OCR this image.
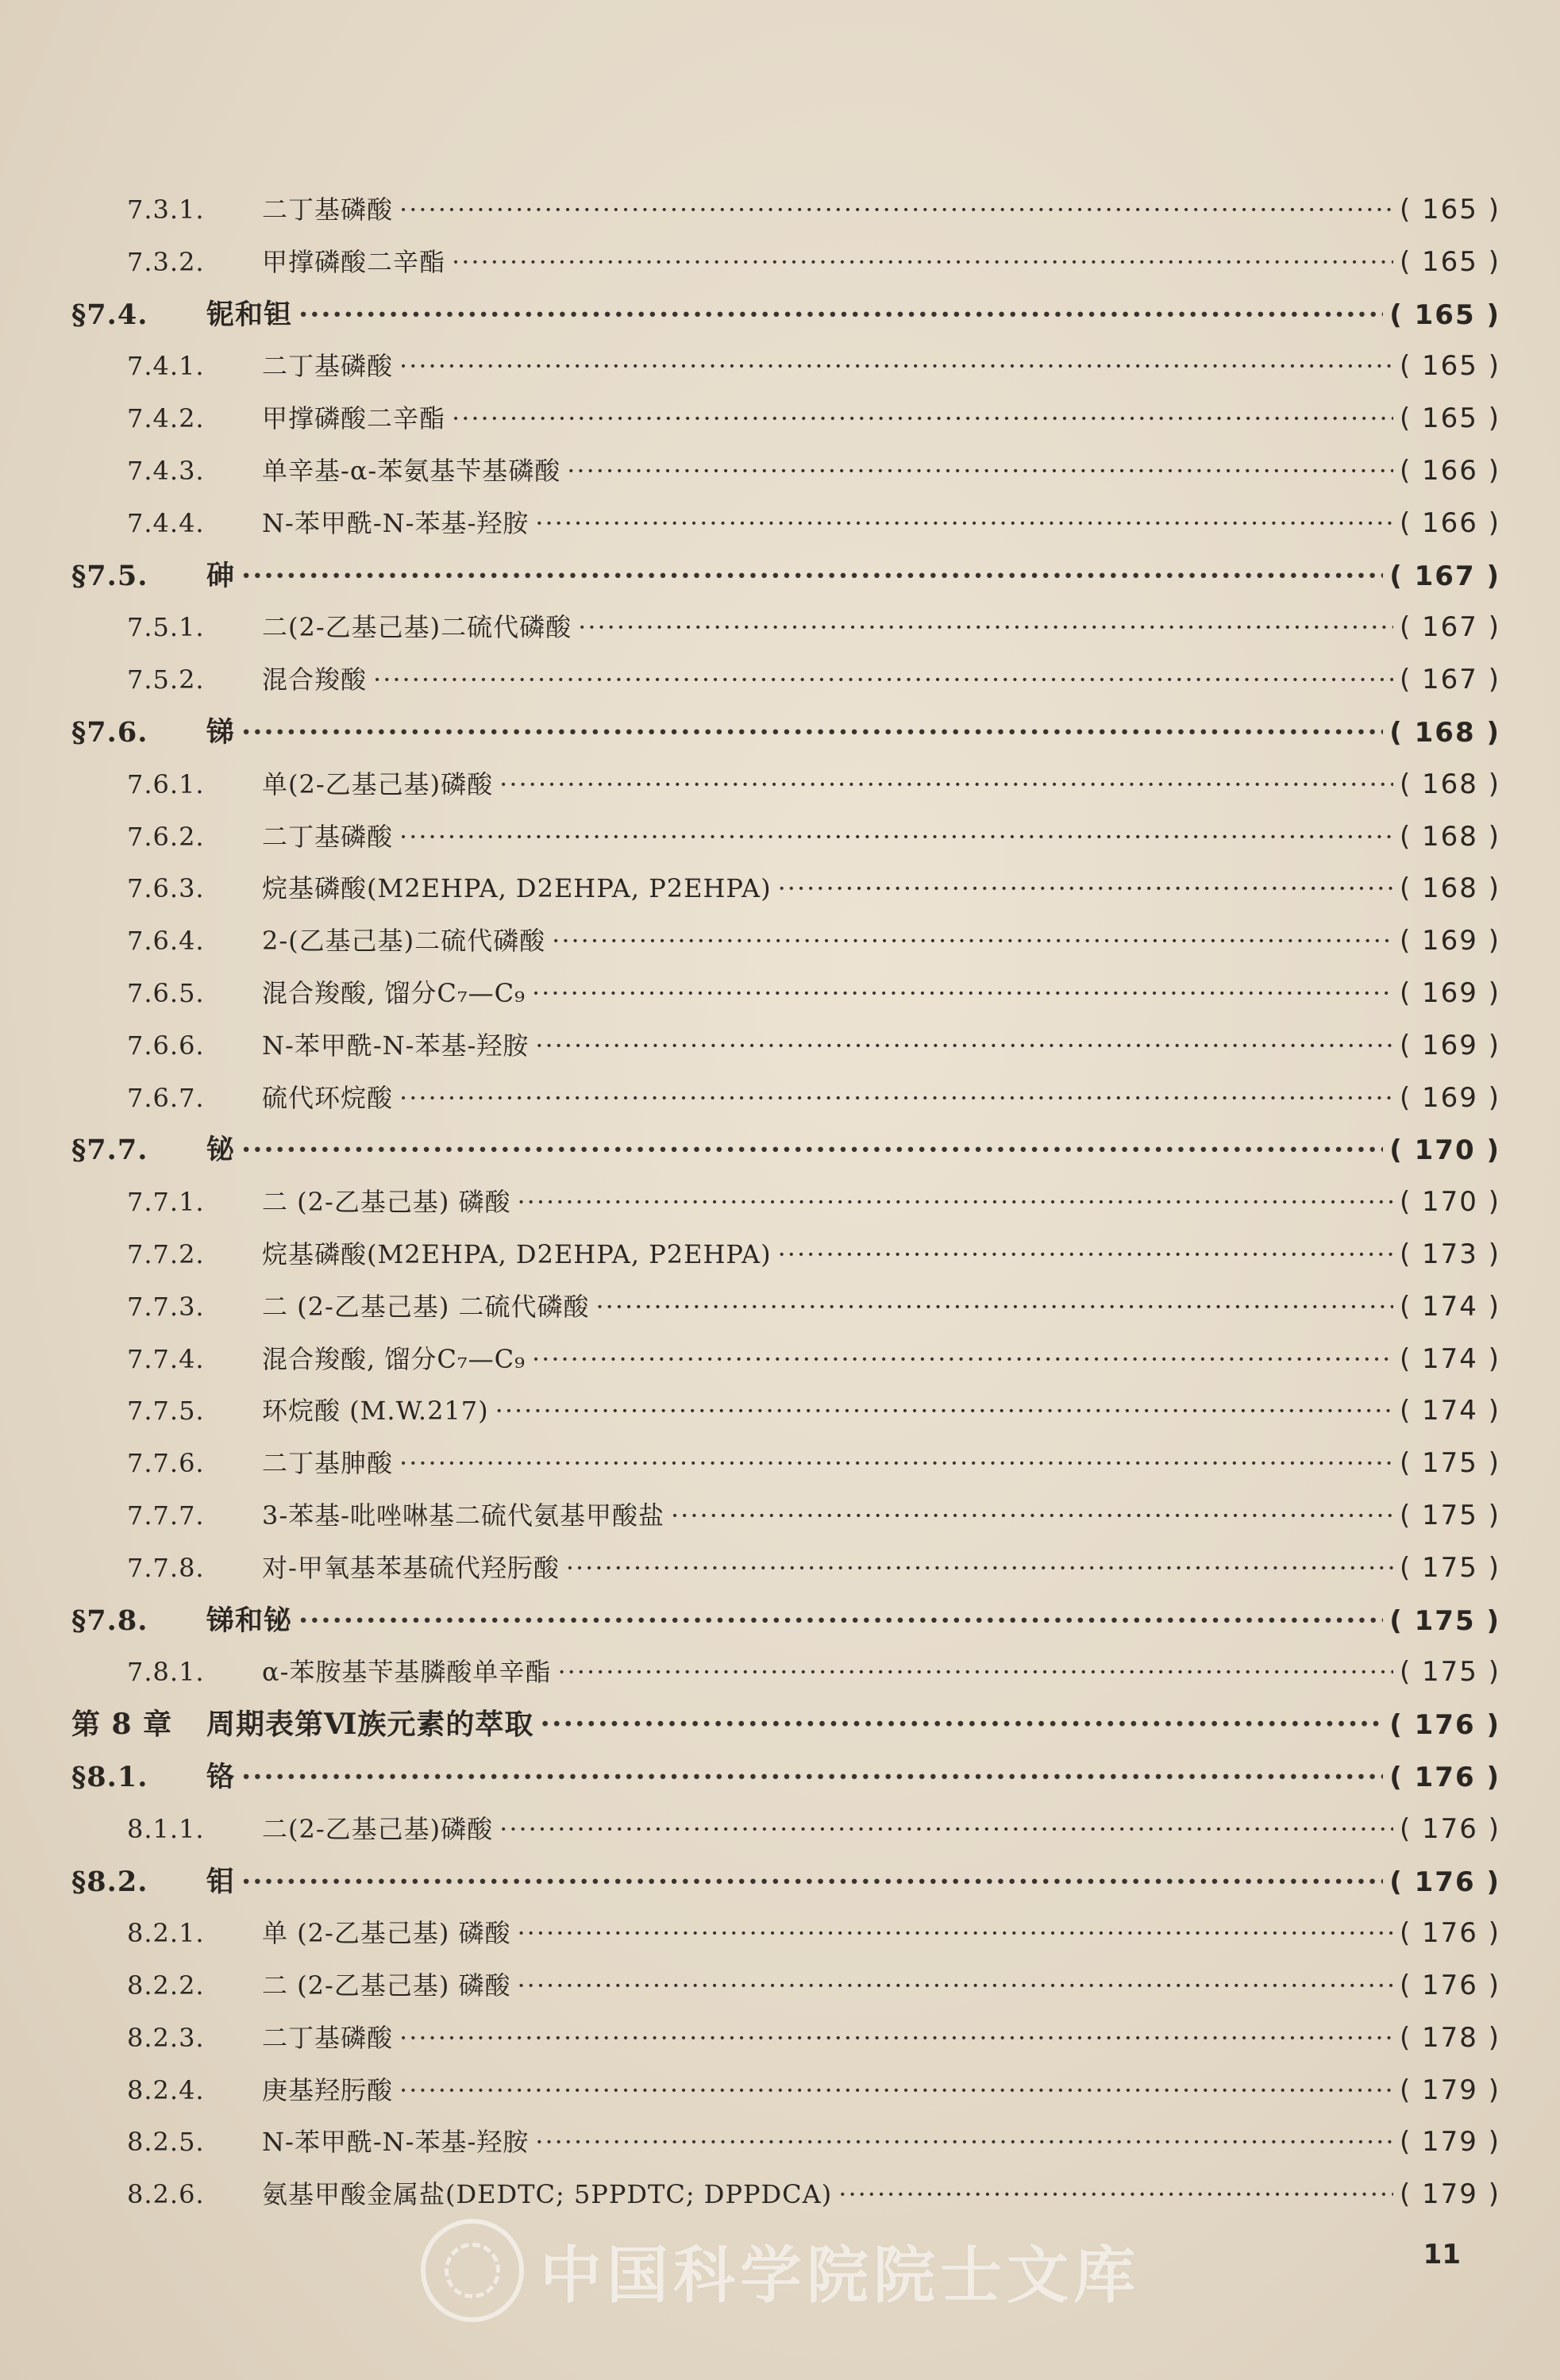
7.3.1.	二丁基磷酸 ·····	( 165 )
7.3.2.	甲撑磷酸二辛酯 ·····	( 165 )
§7.4.	铌和钽 ·····	( 165 )
7.4.1.	二丁基磷酸 ·····	( 165 )
7.4.2.	甲撑磷酸二辛酯 ·····	( 165 )
7.4.3.	单辛基-α-苯氨基苄基磷酸 ·····	( 166 )
7.4.4.	N-苯甲酰-N-苯基-羟胺 ·····	( 166 )
§7.5.	砷 ·····	( 167 )
7.5.1.	二(2-乙基己基)二硫代磷酸 ·····	( 167 )
7.5.2.	混合羧酸 ·····	( 167 )
§7.6.	锑 ·····	( 168 )
7.6.1.	单(2-乙基己基)磷酸 ·····	( 168 )
7.6.2.	二丁基磷酸 ·····	( 168 )
7.6.3.	烷基磷酸(M2EHPA, D2EHPA, P2EHPA) ·····	( 168 )
7.6.4.	2-(乙基己基)二硫代磷酸 ·····	( 169 )
7.6.5.	混合羧酸, 馏分C₇—C₉ ·····	( 169 )
7.6.6.	N-苯甲酰-N-苯基-羟胺 ·····	( 169 )
7.6.7.	硫代环烷酸 ·····	( 169 )
§7.7.	铋 ·····	( 170 )
7.7.1.	二 (2-乙基己基) 磷酸 ·····	( 170 )
7.7.2.	烷基磷酸(M2EHPA, D2EHPA, P2EHPA) ·····	( 173 )
7.7.3.	二 (2-乙基己基) 二硫代磷酸 ·····	( 174 )
7.7.4.	混合羧酸, 馏分C₇—C₉ ·····	( 174 )
7.7.5.	环烷酸 (M.W.217) ·····	( 174 )
7.7.6.	二丁基胂酸 ·····	( 175 )
7.7.7.	3-苯基-吡唑啉基二硫代氨基甲酸盐 ·····	( 175 )
7.7.8.	对-甲氧基苯基硫代羟肟酸 ·····	( 175 )
§7.8.	锑和铋 ·····	( 175 )
7.8.1.	α-苯胺基苄基膦酸单辛酯 ·····	( 175 )
第 8 章	周期表第Ⅵ族元素的萃取 ·····	( 176 )
§8.1.	铬 ·····	( 176 )
8.1.1.	二(2-乙基己基)磷酸 ·····	( 176 )
§8.2.	钼 ·····	( 176 )
8.2.1.	单 (2-乙基己基) 磷酸 ·····	( 176 )
8.2.2.	二 (2-乙基己基) 磷酸 ·····	( 176 )
8.2.3.	二丁基磷酸 ·····	( 178 )
8.2.4.	庚基羟肟酸 ·····	( 179 )
8.2.5.	N-苯甲酰-N-苯基-羟胺 ·····	( 179 )
8.2.6.	氨基甲酸金属盐(DEDTC; 5PPDTC; DPPDCA) ·····	( 179 )
中国科学院院士文库	11
